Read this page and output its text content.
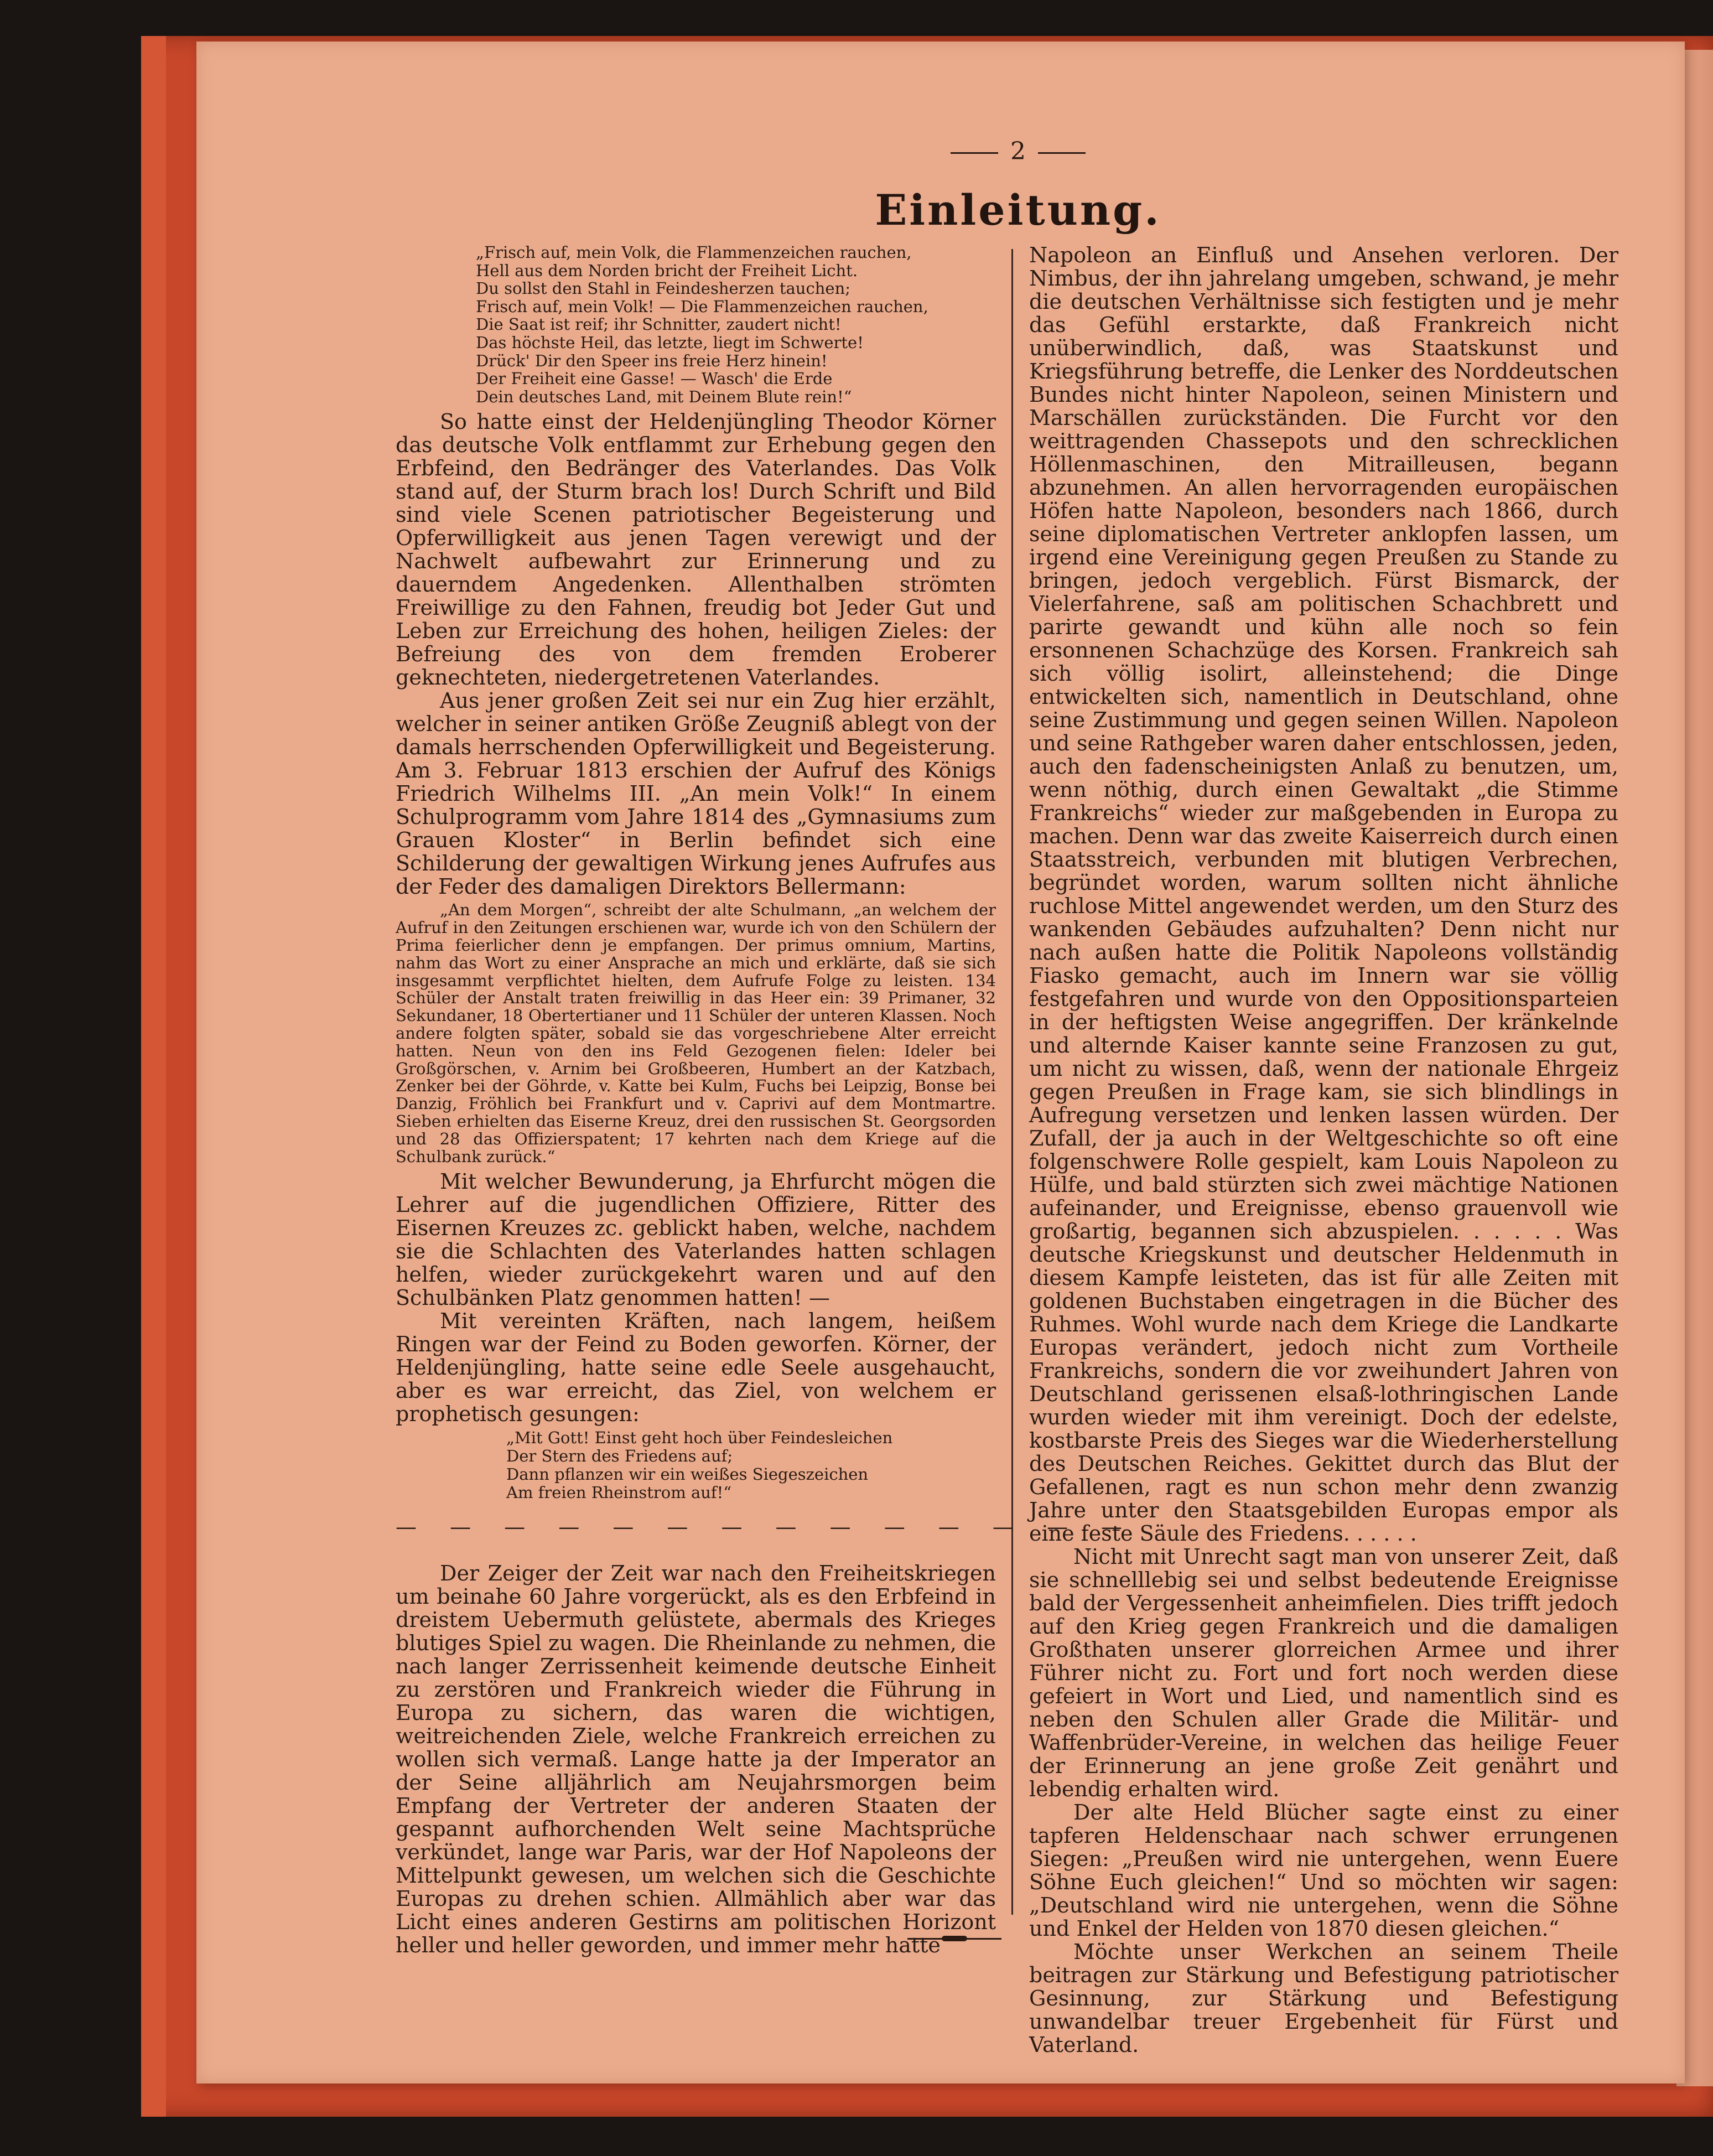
2
Einleitung.
„Frisch auf, mein Volk, die Flammenzeichen rauchen,
Hell aus dem Norden bricht der Freiheit Licht.
Du sollst den Stahl in Feindesherzen tauchen;
Frisch auf, mein Volk! — Die Flammenzeichen rauchen,
Die Saat ist reif; ihr Schnitter, zaudert nicht!
Das höchste Heil, das letzte, liegt im Schwerte!
Drück' Dir den Speer ins freie Herz hinein!
Der Freiheit eine Gasse! — Wasch' die Erde
Dein deutsches Land, mit Deinem Blute rein!“

So hatte einst der Heldenjüngling Theodor Körner das deutsche Volk entflammt zur Erhebung gegen den Erbfeind, den Bedränger des Vaterlandes. Das Volk stand auf, der Sturm brach los! Durch Schrift und Bild sind viele Scenen patriotischer Begeisterung und Opferwilligkeit aus jenen Tagen verewigt und der Nachwelt aufbewahrt zur Erinnerung und zu dauerndem Angedenken. Allenthalben strömten Freiwillige zu den Fahnen, freudig bot Jeder Gut und Leben zur Erreichung des hohen, heiligen Zieles: der Befreiung des von dem fremden Eroberer geknechteten, niedergetretenen Vaterlandes.

Aus jener großen Zeit sei nur ein Zug hier erzählt, welcher in seiner antiken Größe Zeugniß ablegt von der damals herrschenden Opferwilligkeit und Begeisterung. Am 3. Februar 1813 erschien der Aufruf des Königs Friedrich Wilhelms III. „An mein Volk!“ In einem Schulprogramm vom Jahre 1814 des „Gymnasiums zum Grauen Kloster“ in Berlin befindet sich eine Schilderung der gewaltigen Wirkung jenes Aufrufes aus der Feder des damaligen Direktors Bellermann:

„An dem Morgen“, schreibt der alte Schulmann, „an welchem der Aufruf in den Zeitungen erschienen war, wurde ich von den Schülern der Prima feierlicher denn je empfangen. Der primus omnium, Martins, nahm das Wort zu einer Ansprache an mich und erklärte, daß sie sich insgesammt verpflichtet hielten, dem Aufrufe Folge zu leisten. 134 Schüler der Anstalt traten freiwillig in das Heer ein: 39 Primaner, 32 Sekundaner, 18 Obertertianer und 11 Schüler der unteren Klassen. Noch andere folgten später, sobald sie das vorgeschriebene Alter erreicht hatten. Neun von den ins Feld Gezogenen fielen: Ideler bei Großgörschen, v. Arnim bei Großbeeren, Humbert an der Katzbach, Zenker bei der Göhrde, v. Katte bei Kulm, Fuchs bei Leipzig, Bonse bei Danzig, Fröhlich bei Frankfurt und v. Caprivi auf dem Montmartre. Sieben erhielten das Eiserne Kreuz, drei den russischen St. Georgsorden und 28 das Offizierspatent; 17 kehrten nach dem Kriege auf die Schulbank zurück.“

Mit welcher Bewunderung, ja Ehrfurcht mögen die Lehrer auf die jugendlichen Offiziere, Ritter des Eisernen Kreuzes zc. geblickt haben, welche, nachdem sie die Schlachten des Vaterlandes hatten schlagen helfen, wieder zurückgekehrt waren und auf den Schulbänken Platz genommen hatten! —

Mit vereinten Kräften, nach langem, heißem Ringen war der Feind zu Boden geworfen. Körner, der Heldenjüngling, hatte seine edle Seele ausgehaucht, aber es war erreicht, das Ziel, von welchem er prophetisch gesungen:

„Mit Gott! Einst geht hoch über Feindesleichen
Der Stern des Friedens auf;
Dann pflanzen wir ein weißes Siegeszeichen
Am freien Rheinstrom auf!“
— — — — — — — — — — — — — —

Der Zeiger der Zeit war nach den Freiheitskriegen um beinahe 60 Jahre vorgerückt, als es den Erbfeind in dreistem Uebermuth gelüstete, abermals des Krieges blutiges Spiel zu wagen. Die Rheinlande zu nehmen, die nach langer Zerrissenheit keimende deutsche Einheit zu zerstören und Frankreich wieder die Führung in Europa zu sichern, das waren die wichtigen, weitreichenden Ziele, welche Frankreich erreichen zu wollen sich vermaß. Lange hatte ja der Imperator an der Seine alljährlich am Neujahrsmorgen beim Empfang der Vertreter der anderen Staaten der gespannt aufhorchenden Welt seine Machtsprüche verkündet, lange war Paris, war der Hof Napoleons der Mittelpunkt gewesen, um welchen sich die Geschichte Europas zu drehen schien. Allmählich aber war das Licht eines anderen Gestirns am politischen Horizont heller und heller geworden, und immer mehr hatte

Napoleon an Einfluß und Ansehen verloren. Der Nimbus, der ihn jahrelang umgeben, schwand, je mehr die deutschen Verhältnisse sich festigten und je mehr das Gefühl erstarkte, daß Frankreich nicht unüberwindlich, daß, was Staatskunst und Kriegsführung betreffe, die Lenker des Norddeutschen Bundes nicht hinter Napoleon, seinen Ministern und Marschällen zurückständen. Die Furcht vor den weittragenden Chassepots und den schrecklichen Höllenmaschinen, den Mitrailleusen, begann abzunehmen. An allen hervorragenden europäischen Höfen hatte Napoleon, besonders nach 1866, durch seine diplomatischen Vertreter anklopfen lassen, um irgend eine Vereinigung gegen Preußen zu Stande zu bringen, jedoch vergeblich. Fürst Bismarck, der Vielerfahrene, saß am politischen Schachbrett und parirte gewandt und kühn alle noch so fein ersonnenen Schachzüge des Korsen. Frankreich sah sich völlig isolirt, alleinstehend; die Dinge entwickelten sich, namentlich in Deutschland, ohne seine Zustimmung und gegen seinen Willen. Napoleon und seine Rathgeber waren daher entschlossen, jeden, auch den fadenscheinigsten Anlaß zu benutzen, um, wenn nöthig, durch einen Gewaltakt „die Stimme Frankreichs“ wieder zur maßgebenden in Europa zu machen. Denn war das zweite Kaiserreich durch einen Staatsstreich, verbunden mit blutigen Verbrechen, begründet worden, warum sollten nicht ähnliche ruchlose Mittel angewendet werden, um den Sturz des wankenden Gebäudes aufzuhalten? Denn nicht nur nach außen hatte die Politik Napoleons vollständig Fiasko gemacht, auch im Innern war sie völlig festgefahren und wurde von den Oppositionsparteien in der heftigsten Weise angegriffen. Der kränkelnde und alternde Kaiser kannte seine Franzosen zu gut, um nicht zu wissen, daß, wenn der nationale Ehrgeiz gegen Preußen in Frage kam, sie sich blindlings in Aufregung versetzen und lenken lassen würden. Der Zufall, der ja auch in der Weltgeschichte so oft eine folgenschwere Rolle gespielt, kam Louis Napoleon zu Hülfe, und bald stürzten sich zwei mächtige Nationen aufeinander, und Ereignisse, ebenso grauenvoll wie großartig, begannen sich abzuspielen. . . . . . Was deutsche Kriegskunst und deutscher Heldenmuth in diesem Kampfe leisteten, das ist für alle Zeiten mit goldenen Buchstaben eingetragen in die Bücher des Ruhmes. Wohl wurde nach dem Kriege die Landkarte Europas verändert, jedoch nicht zum Vortheile Frankreichs, sondern die vor zweihundert Jahren von Deutschland gerissenen elsaß-lothringischen Lande wurden wieder mit ihm vereinigt. Doch der edelste, kostbarste Preis des Sieges war die Wiederherstellung des Deutschen Reiches. Gekittet durch das Blut der Gefallenen, ragt es nun schon mehr denn zwanzig Jahre unter den Staatsgebilden Europas empor als eine feste Säule des Friedens. . . . . .

Nicht mit Unrecht sagt man von unserer Zeit, daß sie schnelllebig sei und selbst bedeutende Ereignisse bald der Vergessenheit anheimfielen. Dies trifft jedoch auf den Krieg gegen Frankreich und die damaligen Großthaten unserer glorreichen Armee und ihrer Führer nicht zu. Fort und fort noch werden diese gefeiert in Wort und Lied, und namentlich sind es neben den Schulen aller Grade die Militär- und Waffenbrüder-Vereine, in welchen das heilige Feuer der Erinnerung an jene große Zeit genährt und lebendig erhalten wird.

Der alte Held Blücher sagte einst zu einer tapferen Heldenschaar nach schwer errungenen Siegen: „Preußen wird nie untergehen, wenn Euere Söhne Euch gleichen!“ Und so möchten wir sagen: „Deutschland wird nie untergehen, wenn die Söhne und Enkel der Helden von 1870 diesen gleichen.“

Möchte unser Werkchen an seinem Theile beitragen zur Stärkung und Befestigung patriotischer Gesinnung, zur Stärkung und Befestigung unwandelbar treuer Ergebenheit für Fürst und Vaterland.
